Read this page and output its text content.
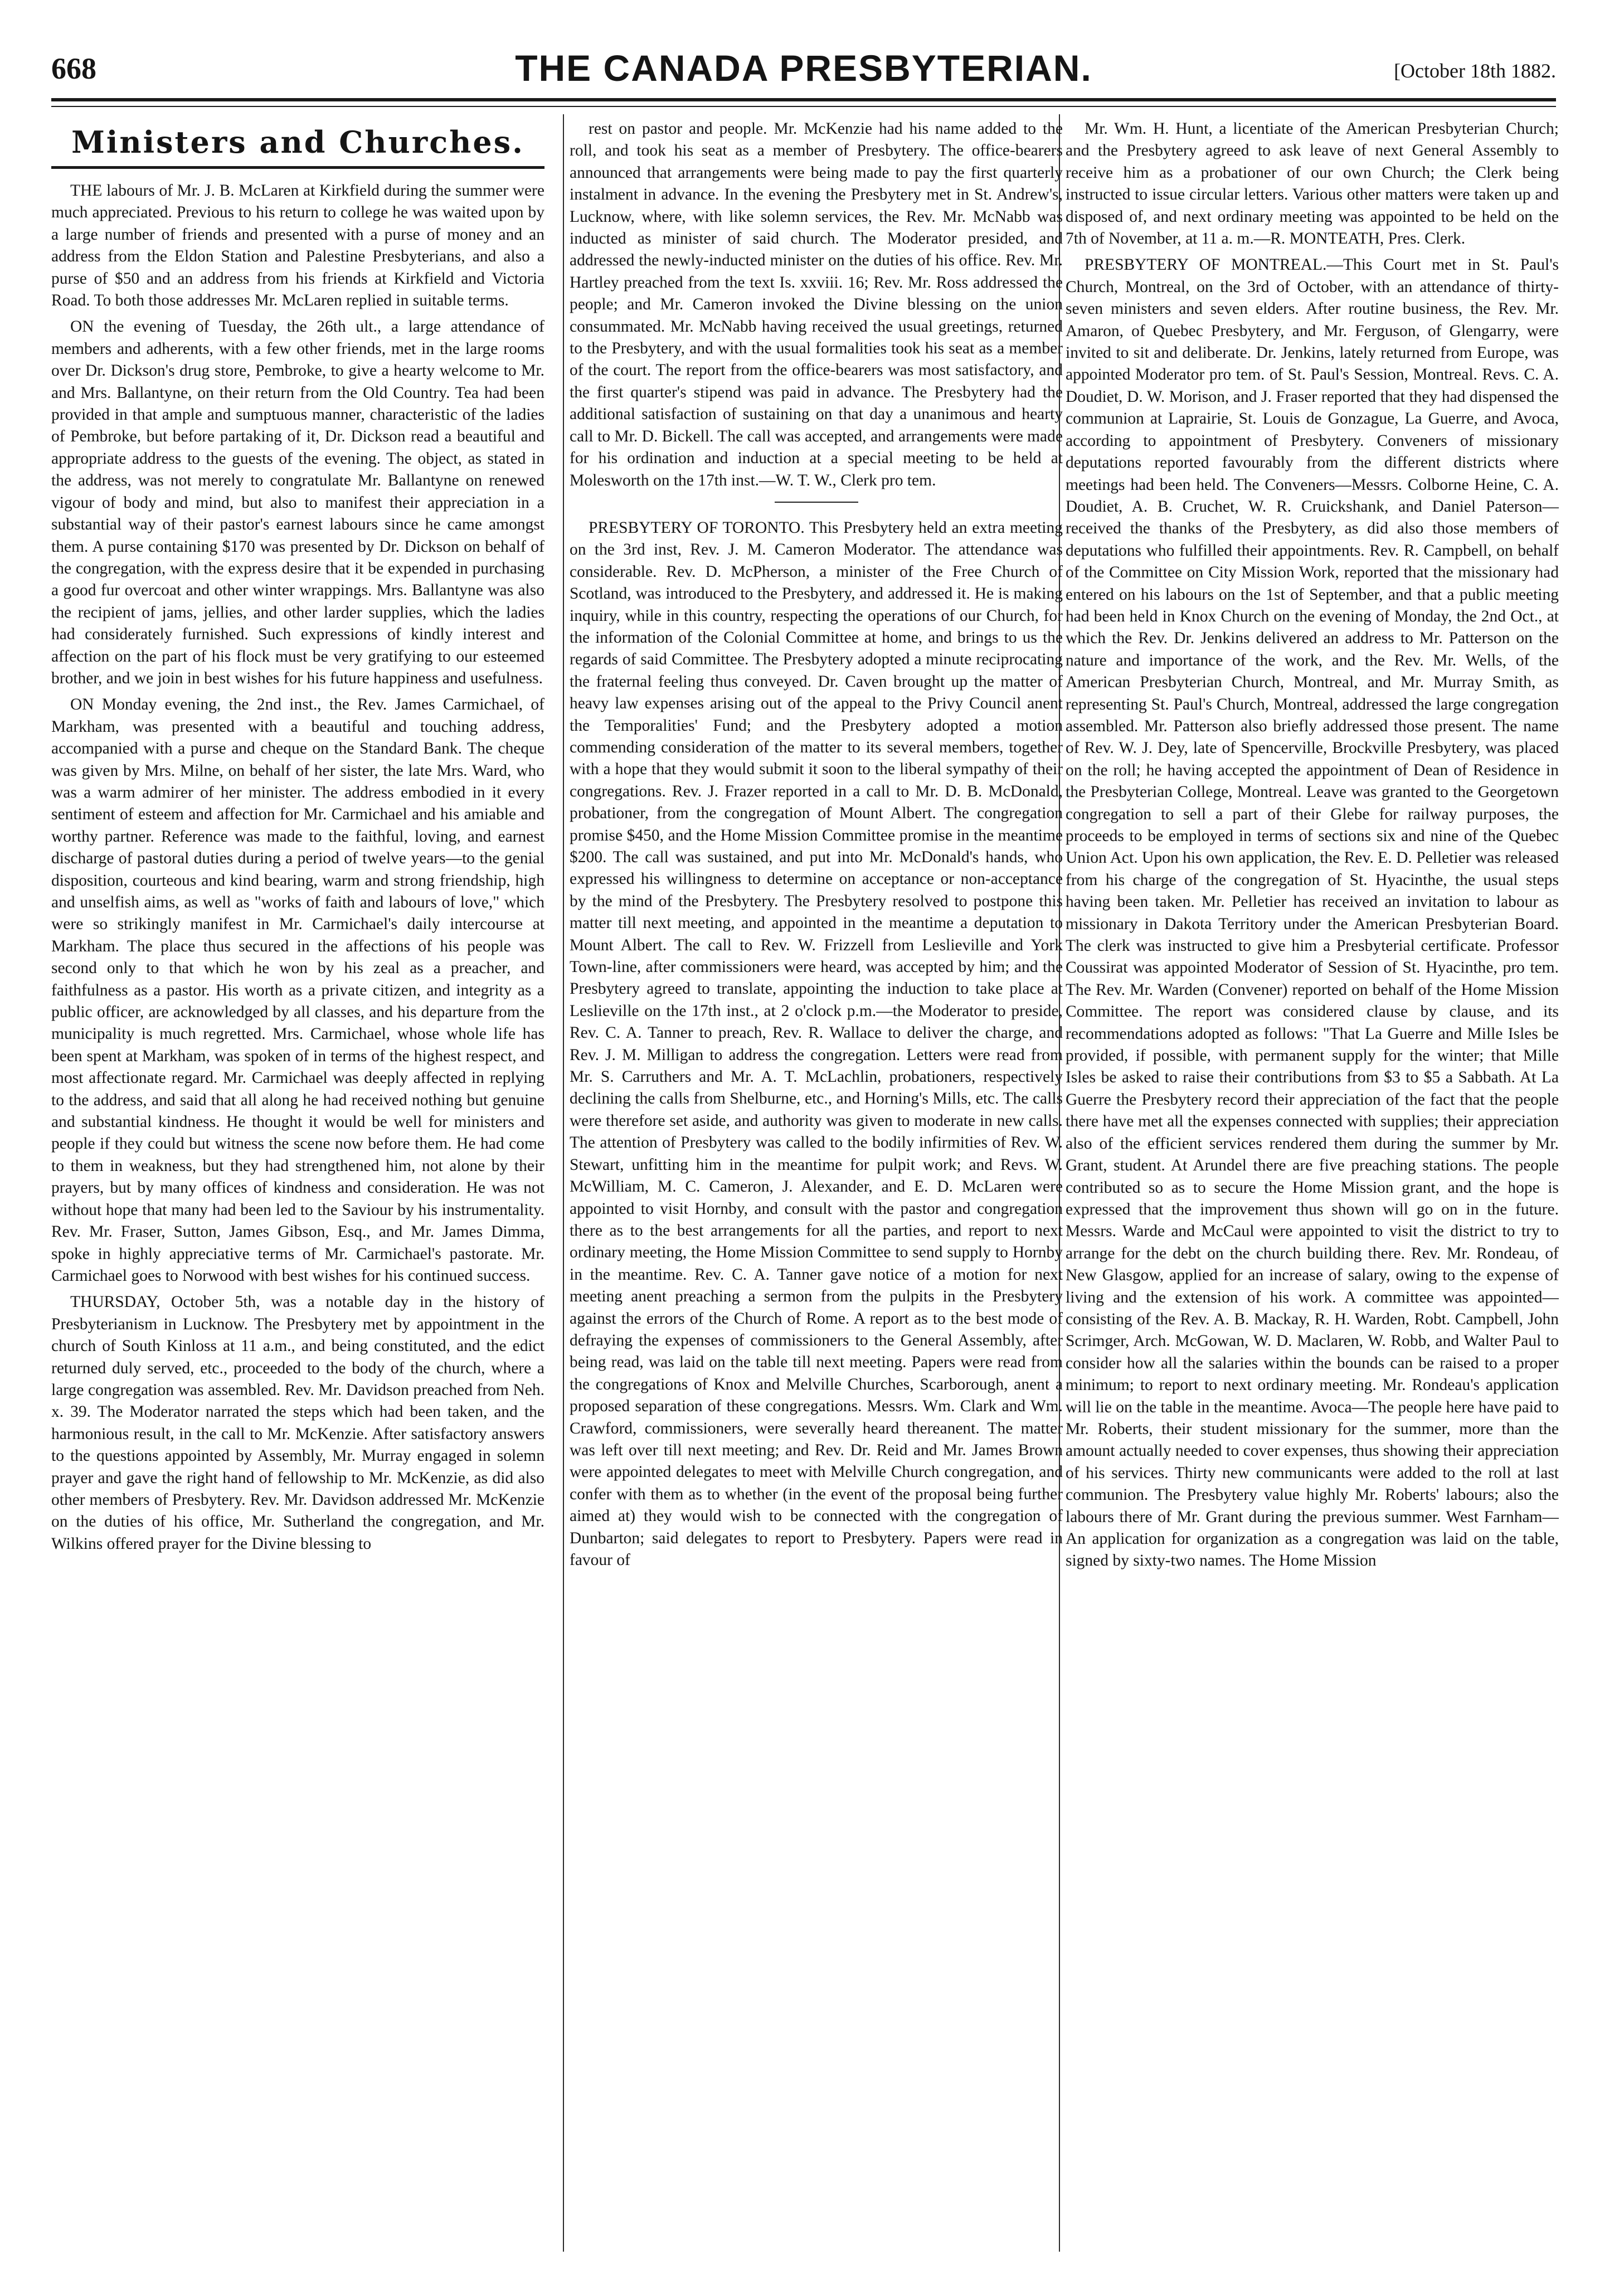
668	THE CANADA PRESBYTERIAN.	[October 18th 1882.
Ministers and Churches.

THE labours of Mr. J. B. McLaren at Kirkfield during the summer were much appreciated. Previous to his return to college he was waited upon by a large number of friends and presented with a purse of money and an address from the Eldon Station and Palestine Presbyterians, and also a purse of $50 and an address from his friends at Kirkfield and Victoria Road. To both those addresses Mr. McLaren replied in suitable terms.

ON the evening of Tuesday, the 26th ult., a large attendance of members and adherents, with a few other friends, met in the large rooms over Dr. Dickson's drug store, Pembroke, to give a hearty welcome to Mr. and Mrs. Ballantyne, on their return from the Old Country. Tea had been provided in that ample and sumptuous manner, characteristic of the ladies of Pembroke, but before partaking of it, Dr. Dickson read a beautiful and appropriate address to the guests of the evening. The object, as stated in the address, was not merely to congratulate Mr. Ballantyne on renewed vigour of body and mind, but also to manifest their appreciation in a substantial way of their pastor's earnest labours since he came amongst them. A purse containing $170 was presented by Dr. Dickson on behalf of the congregation, with the express desire that it be expended in purchasing a good fur overcoat and other winter wrappings. Mrs. Ballantyne was also the recipient of jams, jellies, and other larder supplies, which the ladies had considerately furnished. Such expressions of kindly interest and affection on the part of his flock must be very gratifying to our esteemed brother, and we join in best wishes for his future happiness and usefulness.

ON Monday evening, the 2nd inst., the Rev. James Carmichael, of Markham, was presented with a beautiful and touching address, accompanied with a purse and cheque on the Standard Bank. The cheque was given by Mrs. Milne, on behalf of her sister, the late Mrs. Ward, who was a warm admirer of her minister. The address embodied in it every sentiment of esteem and affection for Mr. Carmichael and his amiable and worthy partner. Reference was made to the faithful, loving, and earnest discharge of pastoral duties during a period of twelve years—to the genial disposition, courteous and kind bearing, warm and strong friendship, high and unselfish aims, as well as "works of faith and labours of love," which were so strikingly manifest in Mr. Carmichael's daily intercourse at Markham. The place thus secured in the affections of his people was second only to that which he won by his zeal as a preacher, and faithfulness as a pastor. His worth as a private citizen, and integrity as a public officer, are acknowledged by all classes, and his departure from the municipality is much regretted. Mrs. Carmichael, whose whole life has been spent at Markham, was spoken of in terms of the highest respect, and most affectionate regard. Mr. Carmichael was deeply affected in replying to the address, and said that all along he had received nothing but genuine and substantial kindness. He thought it would be well for ministers and people if they could but witness the scene now before them. He had come to them in weakness, but they had strengthened him, not alone by their prayers, but by many offices of kindness and consideration. He was not without hope that many had been led to the Saviour by his instrumentality. Rev. Mr. Fraser, Sutton, James Gibson, Esq., and Mr. James Dimma, spoke in highly appreciative terms of Mr. Carmichael's pastorate. Mr. Carmichael goes to Norwood with best wishes for his continued success.

THURSDAY, October 5th, was a notable day in the history of Presbyterianism in Lucknow. The Presbytery met by appointment in the church of South Kinloss at 11 a.m., and being constituted, and the edict returned duly served, etc., proceeded to the body of the church, where a large congregation was assembled. Rev. Mr. Davidson preached from Neh. x. 39. The Moderator narrated the steps which had been taken, and the harmonious result, in the call to Mr. McKenzie. After satisfactory answers to the questions appointed by Assembly, Mr. Murray engaged in solemn prayer and gave the right hand of fellowship to Mr. McKenzie, as did also other members of Presbytery. Rev. Mr. Davidson addressed Mr. McKenzie on the duties of his office, Mr. Sutherland the congregation, and Mr. Wilkins offered prayer for the Divine blessing to

rest on pastor and people. Mr. McKenzie had his name added to the roll, and took his seat as a member of Presbytery. The office-bearers announced that arrangements were being made to pay the first quarterly instalment in advance. In the evening the Presbytery met in St. Andrew's, Lucknow, where, with like solemn services, the Rev. Mr. McNabb was inducted as minister of said church. The Moderator presided, and addressed the newly-inducted minister on the duties of his office. Rev. Mr. Hartley preached from the text Is. xxviii. 16; Rev. Mr. Ross addressed the people; and Mr. Cameron invoked the Divine blessing on the union consummated. Mr. McNabb having received the usual greetings, returned to the Presbytery, and with the usual formalities took his seat as a member of the court. The report from the office-bearers was most satisfactory, and the first quarter's stipend was paid in advance. The Presbytery had the additional satisfaction of sustaining on that day a unanimous and hearty call to Mr. D. Bickell. The call was accepted, and arrangements were made for his ordination and induction at a special meeting to be held at Molesworth on the 17th inst.—W. T. W., Clerk pro tem.

PRESBYTERY OF TORONTO. This Presbytery held an extra meeting on the 3rd inst, Rev. J. M. Cameron Moderator. The attendance was considerable. Rev. D. McPherson, a minister of the Free Church of Scotland, was introduced to the Presbytery, and addressed it. He is making inquiry, while in this country, respecting the operations of our Church, for the information of the Colonial Committee at home, and brings to us the regards of said Committee. The Presbytery adopted a minute reciprocating the fraternal feeling thus conveyed. Dr. Caven brought up the matter of heavy law expenses arising out of the appeal to the Privy Council anent the Temporalities' Fund; and the Presbytery adopted a motion commending consideration of the matter to its several members, together with a hope that they would submit it soon to the liberal sympathy of their congregations. Rev. J. Frazer reported in a call to Mr. D. B. McDonald, probationer, from the congregation of Mount Albert. The congregation promise $450, and the Home Mission Committee promise in the meantime $200. The call was sustained, and put into Mr. McDonald's hands, who expressed his willingness to determine on acceptance or non-acceptance by the mind of the Presbytery. The Presbytery resolved to postpone this matter till next meeting, and appointed in the meantime a deputation to Mount Albert. The call to Rev. W. Frizzell from Leslieville and York Town-line, after commissioners were heard, was accepted by him; and the Presbytery agreed to translate, appointing the induction to take place at Leslieville on the 17th inst., at 2 o'clock p.m.—the Moderator to preside, Rev. C. A. Tanner to preach, Rev. R. Wallace to deliver the charge, and Rev. J. M. Milligan to address the congregation. Letters were read from Mr. S. Carruthers and Mr. A. T. McLachlin, probationers, respectively declining the calls from Shelburne, etc., and Horning's Mills, etc. The calls were therefore set aside, and authority was given to moderate in new calls. The attention of Presbytery was called to the bodily infirmities of Rev. W. Stewart, unfitting him in the meantime for pulpit work; and Revs. W. McWilliam, M. C. Cameron, J. Alexander, and E. D. McLaren were appointed to visit Hornby, and consult with the pastor and congregation there as to the best arrangements for all the parties, and report to next ordinary meeting, the Home Mission Committee to send supply to Hornby in the meantime. Rev. C. A. Tanner gave notice of a motion for next meeting anent preaching a sermon from the pulpits in the Presbytery against the errors of the Church of Rome. A report as to the best mode of defraying the expenses of commissioners to the General Assembly, after being read, was laid on the table till next meeting. Papers were read from the congregations of Knox and Melville Churches, Scarborough, anent a proposed separation of these congregations. Messrs. Wm. Clark and Wm. Crawford, commissioners, were severally heard thereanent. The matter was left over till next meeting; and Rev. Dr. Reid and Mr. James Brown were appointed delegates to meet with Melville Church congregation, and confer with them as to whether (in the event of the proposal being further aimed at) they would wish to be connected with the congregation of Dunbarton; said delegates to report to Presbytery. Papers were read in favour of

Mr. Wm. H. Hunt, a licentiate of the American Presbyterian Church; and the Presbytery agreed to ask leave of next General Assembly to receive him as a probationer of our own Church; the Clerk being instructed to issue circular letters. Various other matters were taken up and disposed of, and next ordinary meeting was appointed to be held on the 7th of November, at 11 a. m.—R. MONTEATH, Pres. Clerk.

PRESBYTERY OF MONTREAL.—This Court met in St. Paul's Church, Montreal, on the 3rd of October, with an attendance of thirty-seven ministers and seven elders. After routine business, the Rev. Mr. Amaron, of Quebec Presbytery, and Mr. Ferguson, of Glengarry, were invited to sit and deliberate. Dr. Jenkins, lately returned from Europe, was appointed Moderator pro tem. of St. Paul's Session, Montreal. Revs. C. A. Doudiet, D. W. Morison, and J. Fraser reported that they had dispensed the communion at Laprairie, St. Louis de Gonzague, La Guerre, and Avoca, according to appointment of Presbytery. Conveners of missionary deputations reported favourably from the different districts where meetings had been held. The Conveners—Messrs. Colborne Heine, C. A. Doudiet, A. B. Cruchet, W. R. Cruickshank, and Daniel Paterson—received the thanks of the Presbytery, as did also those members of deputations who fulfilled their appointments. Rev. R. Campbell, on behalf of the Committee on City Mission Work, reported that the missionary had entered on his labours on the 1st of September, and that a public meeting had been held in Knox Church on the evening of Monday, the 2nd Oct., at which the Rev. Dr. Jenkins delivered an address to Mr. Patterson on the nature and importance of the work, and the Rev. Mr. Wells, of the American Presbyterian Church, Montreal, and Mr. Murray Smith, as representing St. Paul's Church, Montreal, addressed the large congregation assembled. Mr. Patterson also briefly addressed those present. The name of Rev. W. J. Dey, late of Spencerville, Brockville Presbytery, was placed on the roll; he having accepted the appointment of Dean of Residence in the Presbyterian College, Montreal. Leave was granted to the Georgetown congregation to sell a part of their Glebe for railway purposes, the proceeds to be employed in terms of sections six and nine of the Quebec Union Act. Upon his own application, the Rev. E. D. Pelletier was released from his charge of the congregation of St. Hyacinthe, the usual steps having been taken. Mr. Pelletier has received an invitation to labour as missionary in Dakota Territory under the American Presbyterian Board. The clerk was instructed to give him a Presbyterial certificate. Professor Coussirat was appointed Moderator of Session of St. Hyacinthe, pro tem. The Rev. Mr. Warden (Convener) reported on behalf of the Home Mission Committee. The report was considered clause by clause, and its recommendations adopted as follows: "That La Guerre and Mille Isles be provided, if possible, with permanent supply for the winter; that Mille Isles be asked to raise their contributions from $3 to $5 a Sabbath. At La Guerre the Presbytery record their appreciation of the fact that the people there have met all the expenses connected with supplies; their appreciation also of the efficient services rendered them during the summer by Mr. Grant, student. At Arundel there are five preaching stations. The people contributed so as to secure the Home Mission grant, and the hope is expressed that the improvement thus shown will go on in the future. Messrs. Warde and McCaul were appointed to visit the district to try to arrange for the debt on the church building there. Rev. Mr. Rondeau, of New Glasgow, applied for an increase of salary, owing to the expense of living and the extension of his work. A committee was appointed—consisting of the Rev. A. B. Mackay, R. H. Warden, Robt. Campbell, John Scrimger, Arch. McGowan, W. D. Maclaren, W. Robb, and Walter Paul to consider how all the salaries within the bounds can be raised to a proper minimum; to report to next ordinary meeting. Mr. Rondeau's application will lie on the table in the meantime. Avoca—The people here have paid to Mr. Roberts, their student missionary for the summer, more than the amount actually needed to cover expenses, thus showing their appreciation of his services. Thirty new communicants were added to the roll at last communion. The Presbytery value highly Mr. Roberts' labours; also the labours there of Mr. Grant during the previous summer. West Farnham—An application for organization as a congregation was laid on the table, signed by sixty-two names. The Home Mission
